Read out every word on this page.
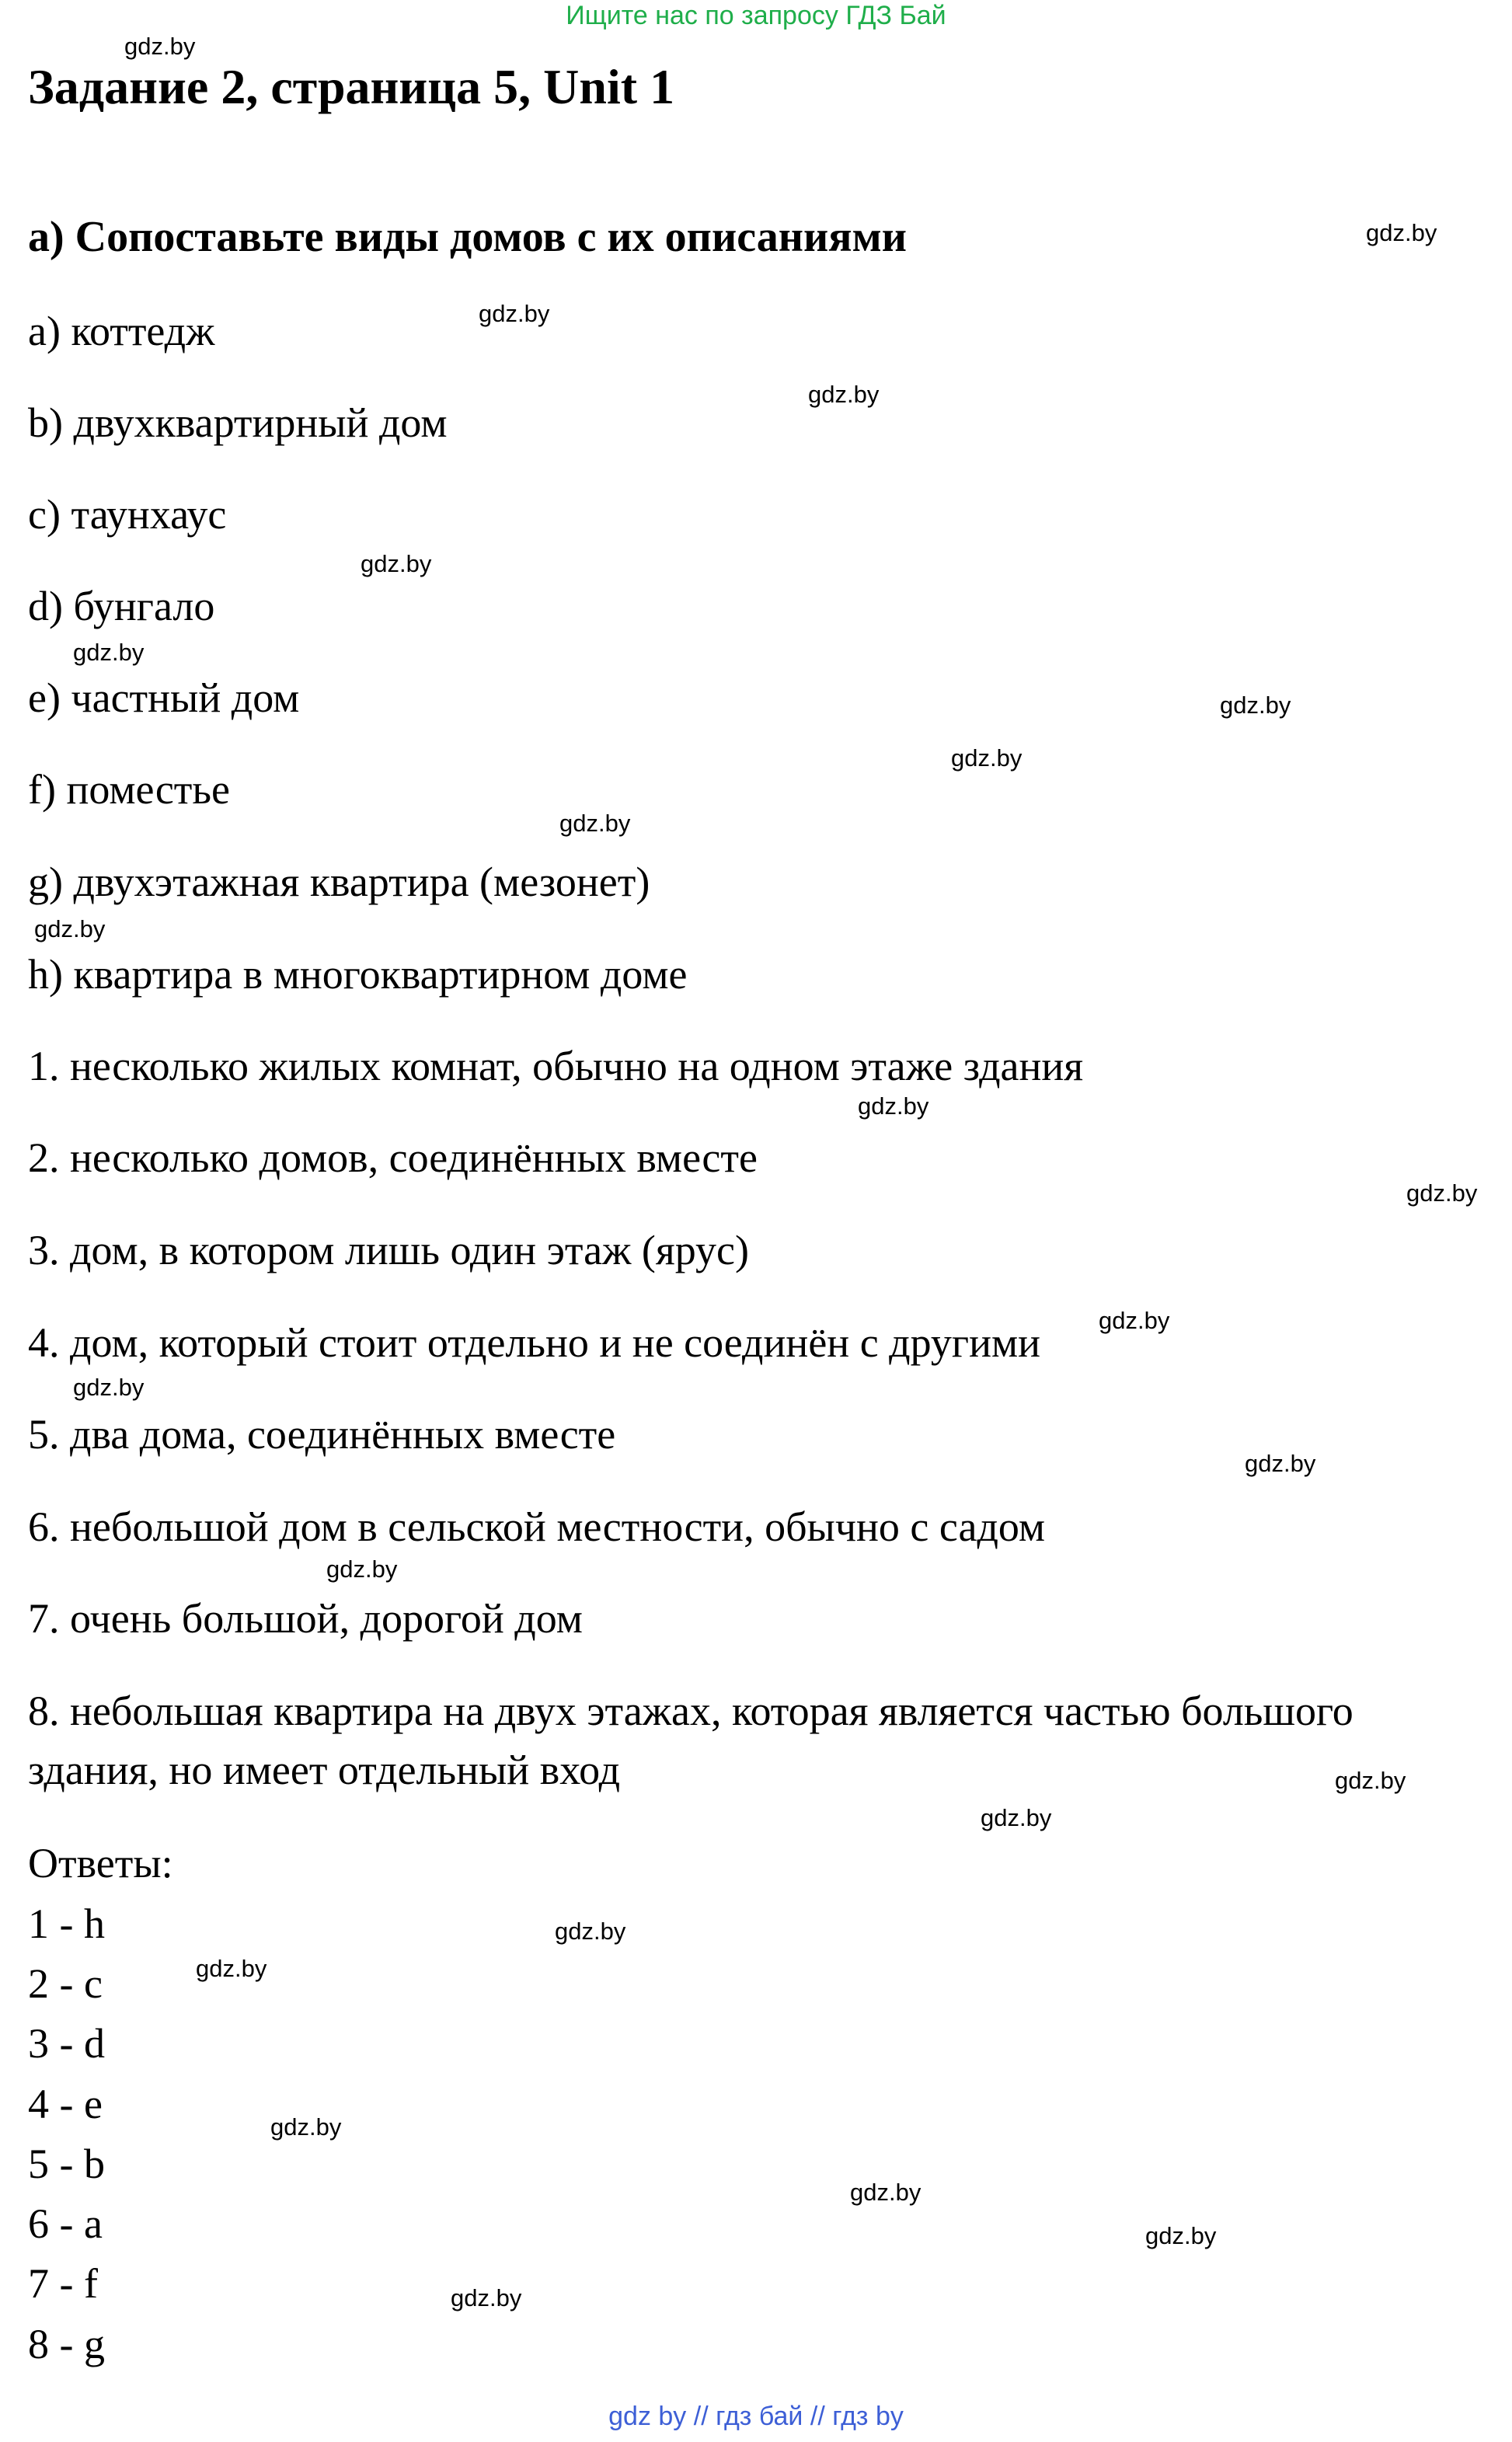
Ищите нас по запросу ГДЗ Бай
Задание 2, страница 5, Unit 1
a) Сопоставьте виды домов с их описаниями

a) коттедж

b) двухквартирный дом

c) таунхаус

d) бунгало

e) частный дом

f) поместье

g) двухэтажная квартира (мезонет)

h) квартира в многоквартирном доме

1. несколько жилых комнат, обычно на одном этаже здания

2. несколько домов, соединённых вместе

3. дом, в котором лишь один этаж (ярус)

4. дом, который стоит отдельно и не соединён с другими

5. два дома, соединённых вместе

6. небольшой дом в сельской местности, обычно с садом

7. очень большой, дорогой дом

8. небольшая квартира на двух этажах, которая является частью большого здания, но имеет отдельный вход

Ответы:

1 - h

2 - c

3 - d

4 - e

5 - b

6 - a

7 - f

8 - g

gdz.by
gdz.by
gdz.by
gdz.by
gdz.by
gdz.by
gdz.by
gdz.by
gdz.by
gdz.by
gdz.by
gdz.by
gdz.by
gdz.by
gdz.by
gdz.by
gdz.by
gdz.by
gdz.by
gdz.by
gdz.by
gdz.by
gdz.by
gdz.by
gdz by // гдз бай // гдз by
